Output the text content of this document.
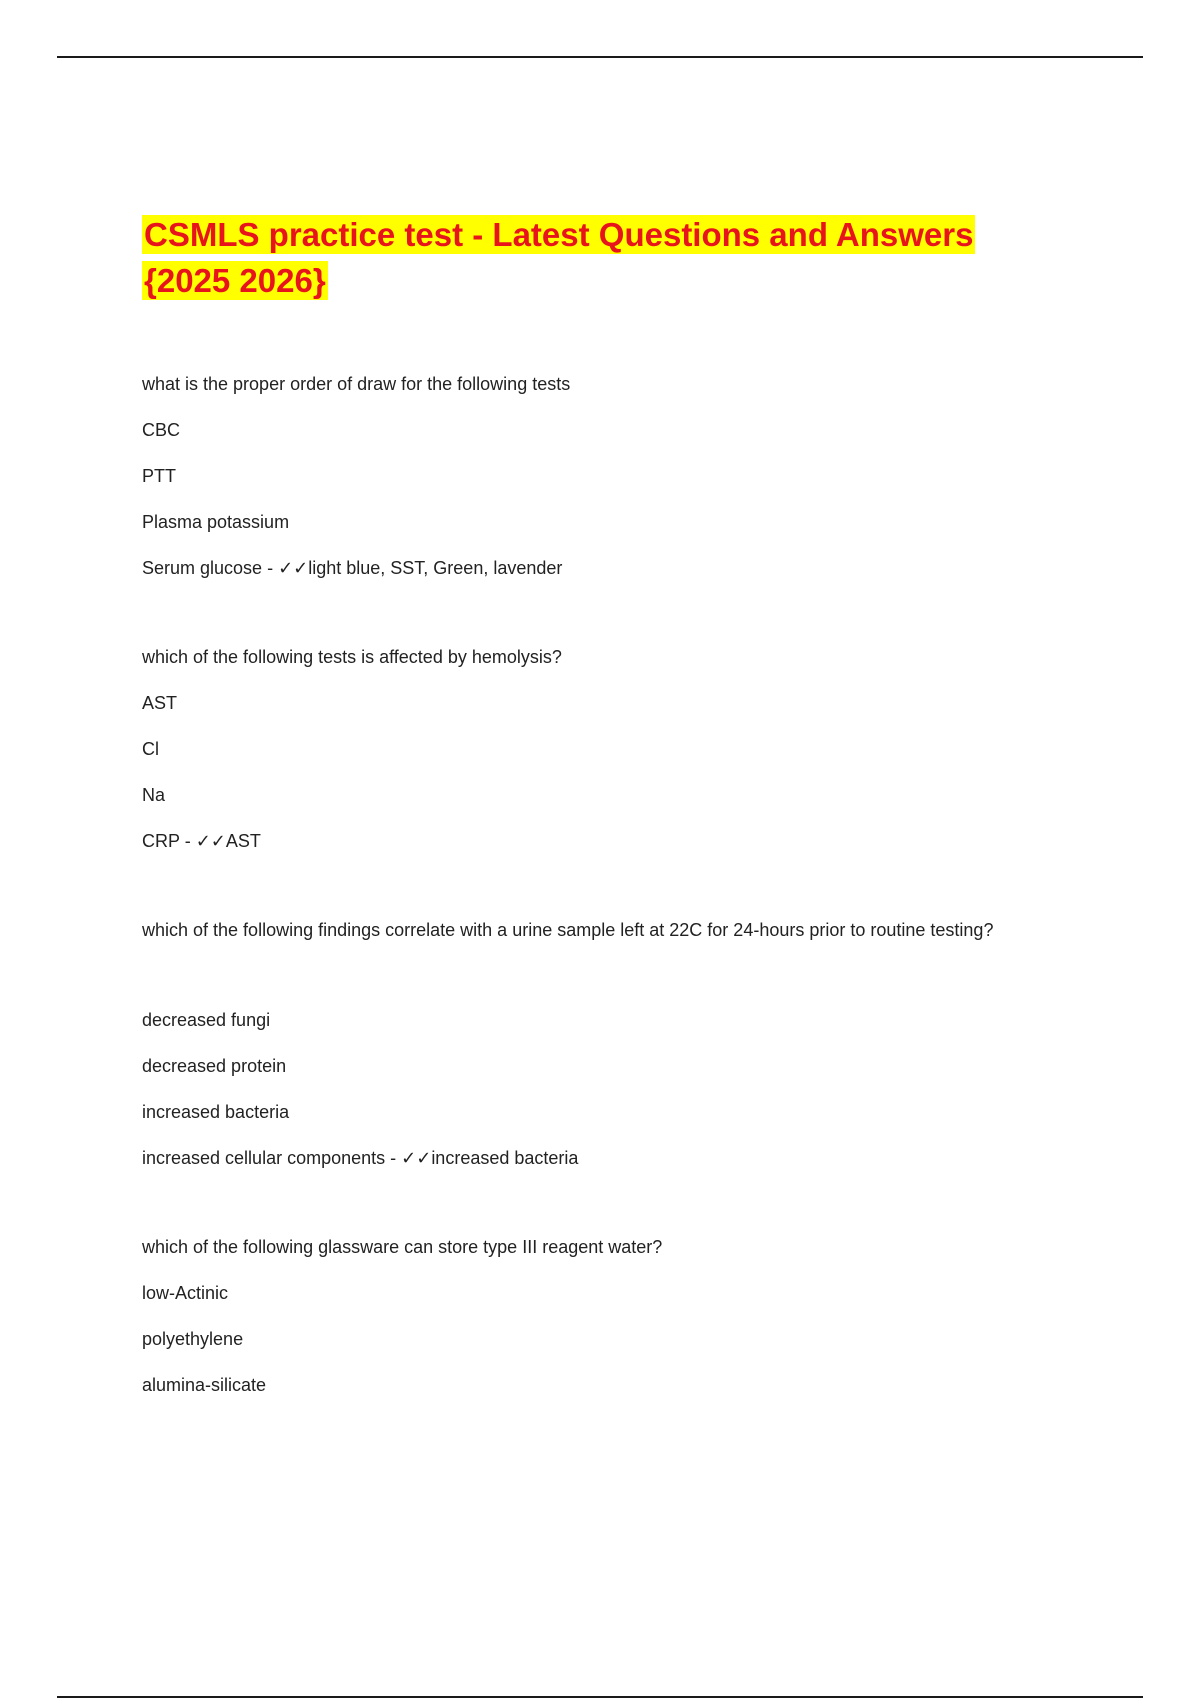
CSMLS practice test - Latest Questions and Answers {2025 2026}

what is the proper order of draw for the following tests

CBC

PTT

Plasma potassium

Serum glucose - ✓✓light blue, SST, Green, lavender

which of the following tests is affected by hemolysis?

AST

Cl

Na

CRP - ✓✓AST

which of the following findings correlate with a urine sample left at 22C for 24-hours prior to routine testing?

decreased fungi

decreased protein

increased bacteria

increased cellular components - ✓✓increased bacteria

which of the following glassware can store type III reagent water?

low-Actinic

polyethylene

alumina-silicate
